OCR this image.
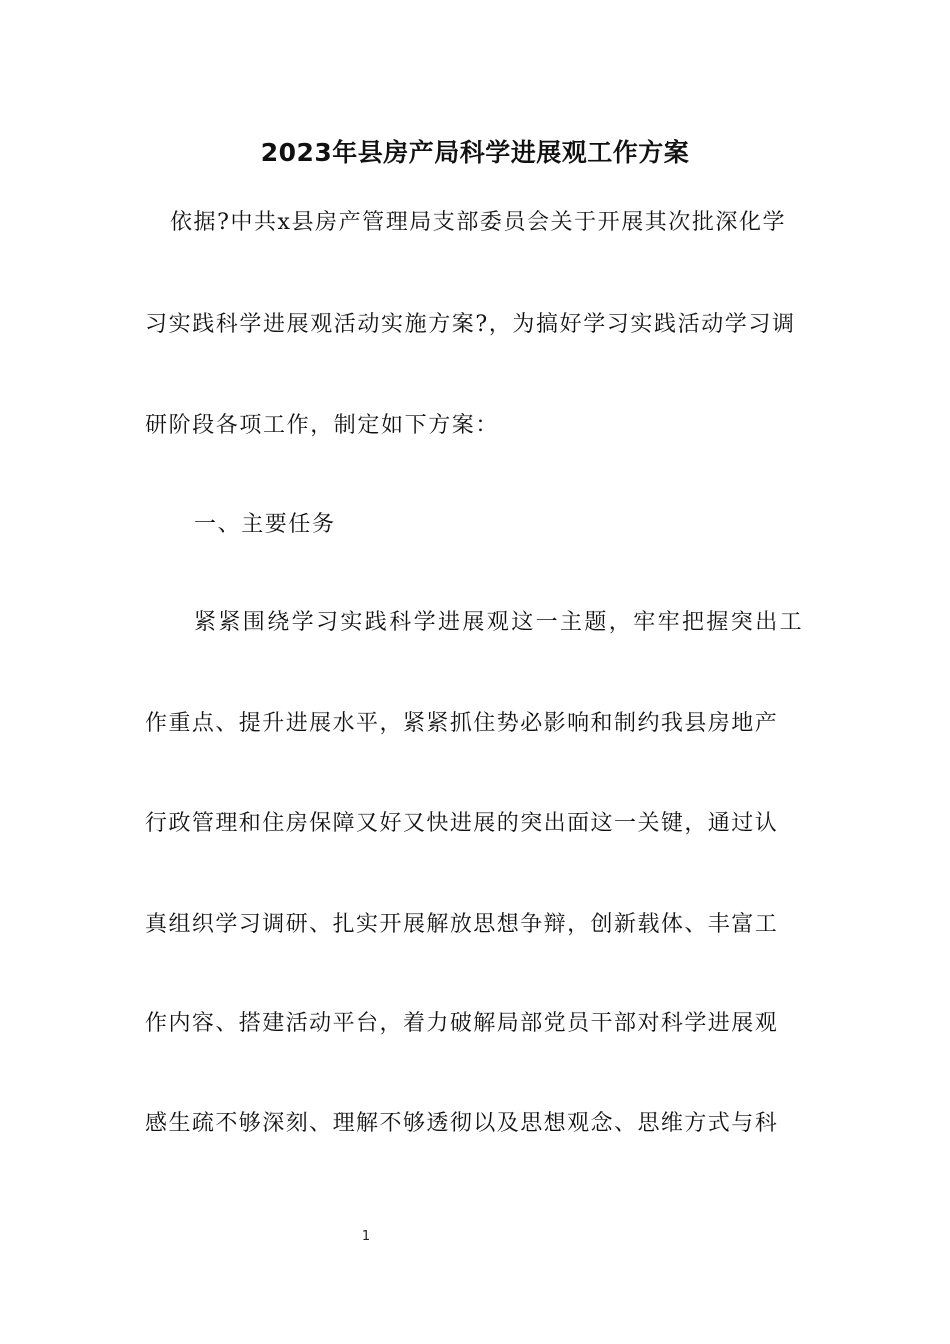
2023年县房产局科学进展观工作方案
依据?中共x县房产管理局支部委员会关于开展其次批深化学
习实践科学进展观活动实施方案?，为搞好学习实践活动学习调
研阶段各项工作，制定如下方案：
一、主要任务
紧紧围绕学习实践科学进展观这一主题，牢牢把握突出工
作重点、提升进展水平，紧紧抓住势必影响和制约我县房地产
行政管理和住房保障又好又快进展的突出面这一关键，通过认
真组织学习调研、扎实开展解放思想争辩，创新载体、丰富工
作内容、搭建活动平台，着力破解局部党员干部对科学进展观
感生疏不够深刻、理解不够透彻以及思想观念、思维方式与科
1
